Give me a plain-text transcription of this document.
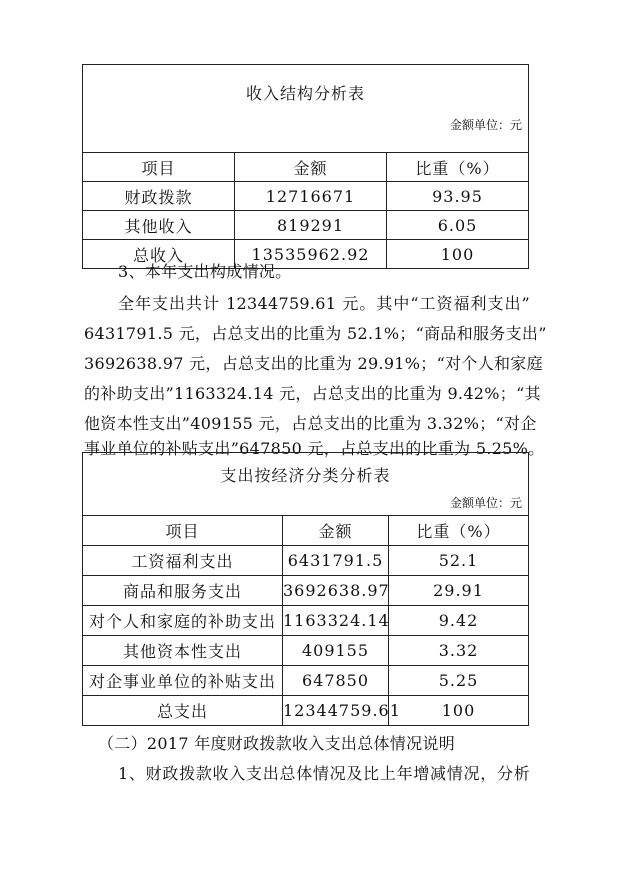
收入结构分析表
金额单位：元		

项目	金额	比重（%）
财政拨款	12716671	93.95
其他收入	819291	6.05
总收入	13535962.92	100
3、本年支出构成情况。
全年支出共计 12344759.61 元。其中“工资福利支出”
6431791.5 元，占总支出的比重为 52.1%；“商品和服务支出”
3692638.97 元，占总支出的比重为 29.91%；“对个人和家庭
的补助支出”1163324.14 元，占总支出的比重为 9.42%；“其
他资本性支出”409155 元，占总支出的比重为 3.32%；“对企
事业单位的补贴支出”647850 元，占总支出的比重为 5.25%。
支出按经济分类分析表
金额单位：元		

项目	金额	比重（%）
工资福利支出	6431791.5	52.1
商品和服务支出	3692638.97	29.91
对个人和家庭的补助支出	1163324.14	9.42
其他资本性支出	409155	3.32
对企事业单位的补贴支出	647850	5.25
总支出	12344759.61	100
（二）2017 年度财政拨款收入支出总体情况说明
1、财政拨款收入支出总体情况及比上年增减情况，分析
